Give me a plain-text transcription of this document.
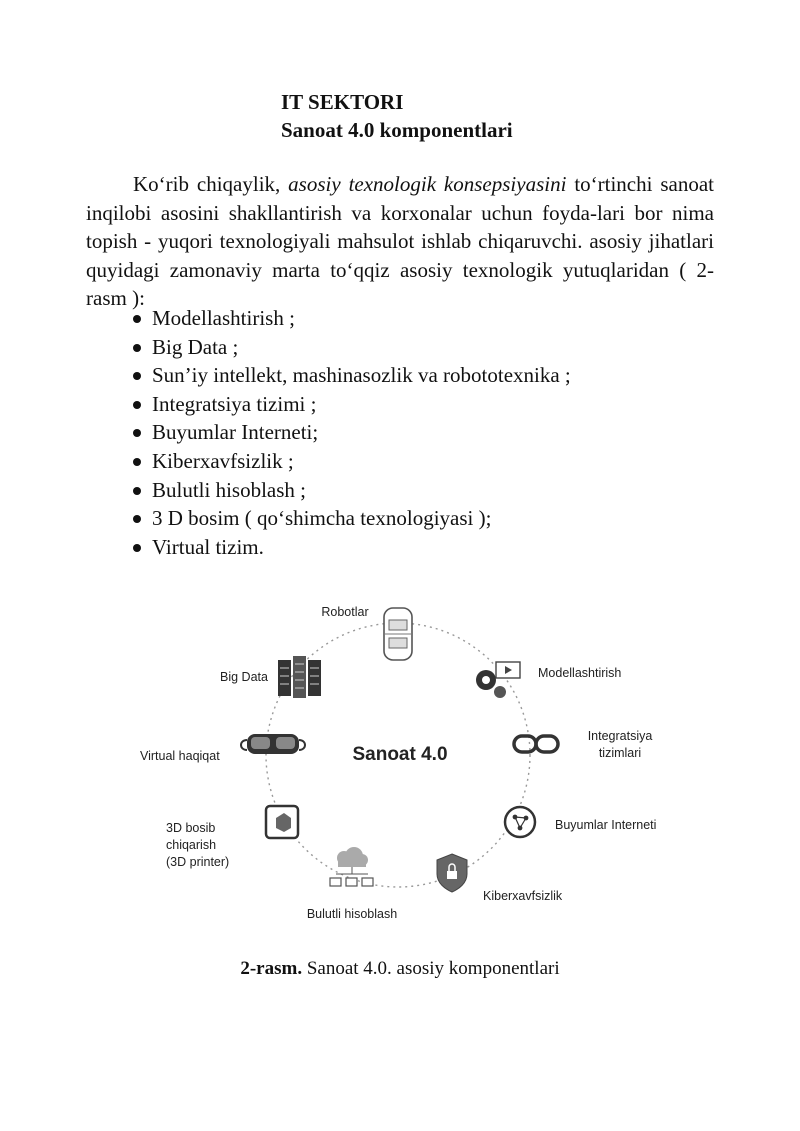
IT SEKTORI
Sanoat 4.0 komponentlari
Ko‘rib chiqaylik, asosiy texnologik konsepsiyasini to‘rtinchi sanoat inqilobi asosini shakllantirish va korxonalar uchun foyda-lari bor nima topish - yuqori texnologiyali mahsulot ishlab chiqaruvchi. asosiy jihatlari quyidagi zamonaviy marta to‘qqiz asosiy texnologik yutuqlaridan ( 2-rasm ):
Modellashtirish ;
Big Data ;
Sun’iy intellekt, mashinasozlik va robototexnika ;
Integratsiya tizimi ;
Buyumlar Interneti;
Kiberxavfsizlik ;
Bulutli hisoblash ;
3 D bosim ( qo‘shimcha texnologiyasi );
Virtual tizim.
Sanoat 4.0
Robotlar
Modellashtirish
Integratsiya
tizimlari
Buyumlar Interneti
Kiberxavfsizlik
Bulutli hisoblash
3D bosib
chiqarish
(3D printer)
Virtual haqiqat
Big Data
2-rasm. Sanoat 4.0. asosiy komponentlari
